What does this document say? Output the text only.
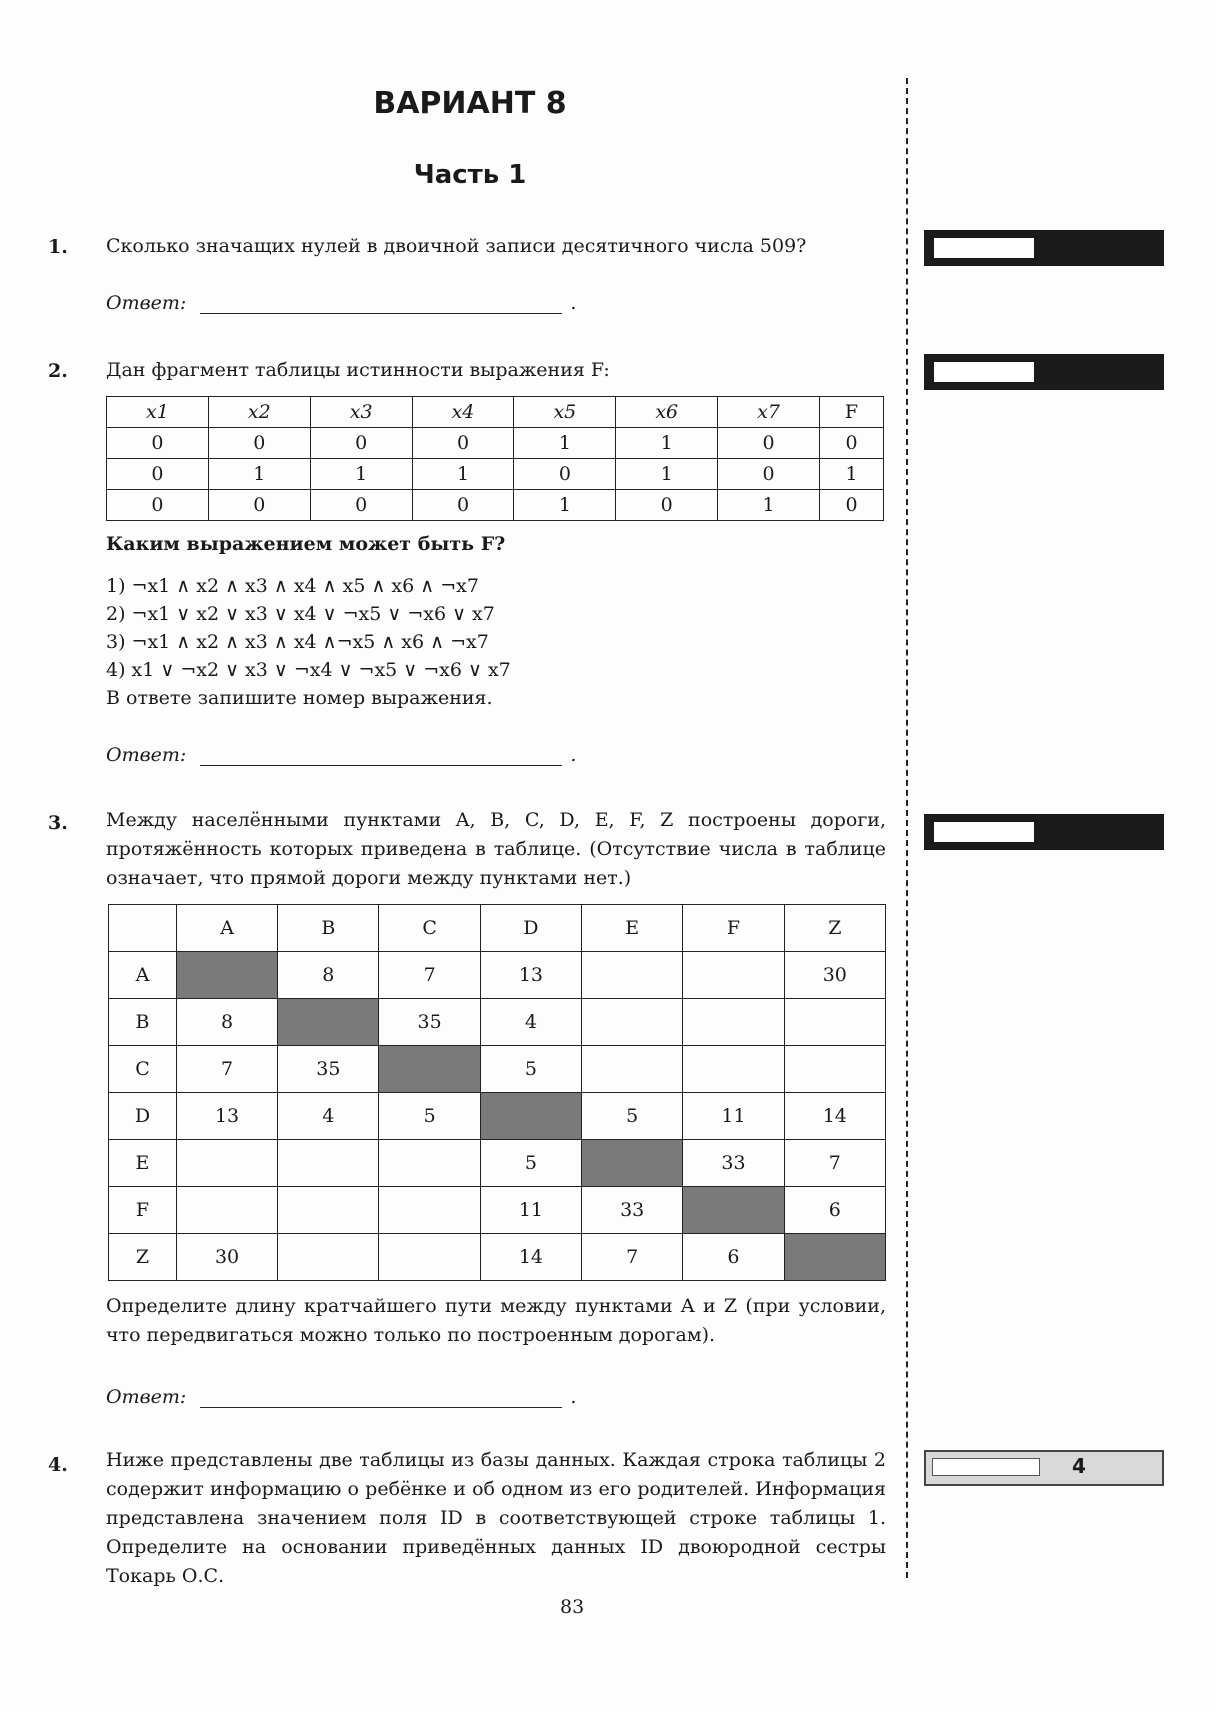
ВАРИАНТ 8
Часть 1
1. Сколько значащих нулей в двоичной записи десятичного числа 509?
Ответ:	.
2. Дан фрагмент таблицы истинности выражения F:
x1	x2	x3	x4	x5	x6	x7	F
0	0	0	0	1	1	0	0
0	1	1	1	0	1	0	1
0	0	0	0	1	0	1	0
Каким выражением может быть F?
1) ¬x1 ∧ x2 ∧ x3 ∧ x4 ∧ x5 ∧ x6 ∧ ¬x7
2) ¬x1 ∨ x2 ∨ x3 ∨ x4 ∨ ¬x5 ∨ ¬x6 ∨ x7
3) ¬x1 ∧ x2 ∧ x3 ∧ x4 ∧¬x5 ∧ x6 ∧ ¬x7
4) x1 ∨ ¬x2 ∨ x3 ∨ ¬x4 ∨ ¬x5 ∨ ¬x6 ∨ x7
В ответе запишите номер выражения.
Ответ:	.
3. Между населёнными пунктами A, B, C, D, E, F, Z построены дороги, протяжённость которых приведена в таблице. (Отсутствие числа в таблице означает, что прямой дороги между пунктами нет.)
	A	B	C	D	E	F	Z
A		8	7	13			30
B	8		35	4			
C	7	35		5			
D	13	4	5		5	11	14
E				5		33	7
F				11	33		6
Z	30			14	7	6	
Определите длину кратчайшего пути между пунктами A и Z (при условии, что передвигаться можно только по построенным дорогам).
Ответ:	.
4. Ниже представлены две таблицы из базы данных. Каждая строка таблицы 2 содержит информацию о ребёнке и об одном из его родителей. Информация представлена значением поля ID в соответствующей строке таблицы 1. Определите на основании приведённых данных ID двоюродной сестры Токарь О.С.
4
83
